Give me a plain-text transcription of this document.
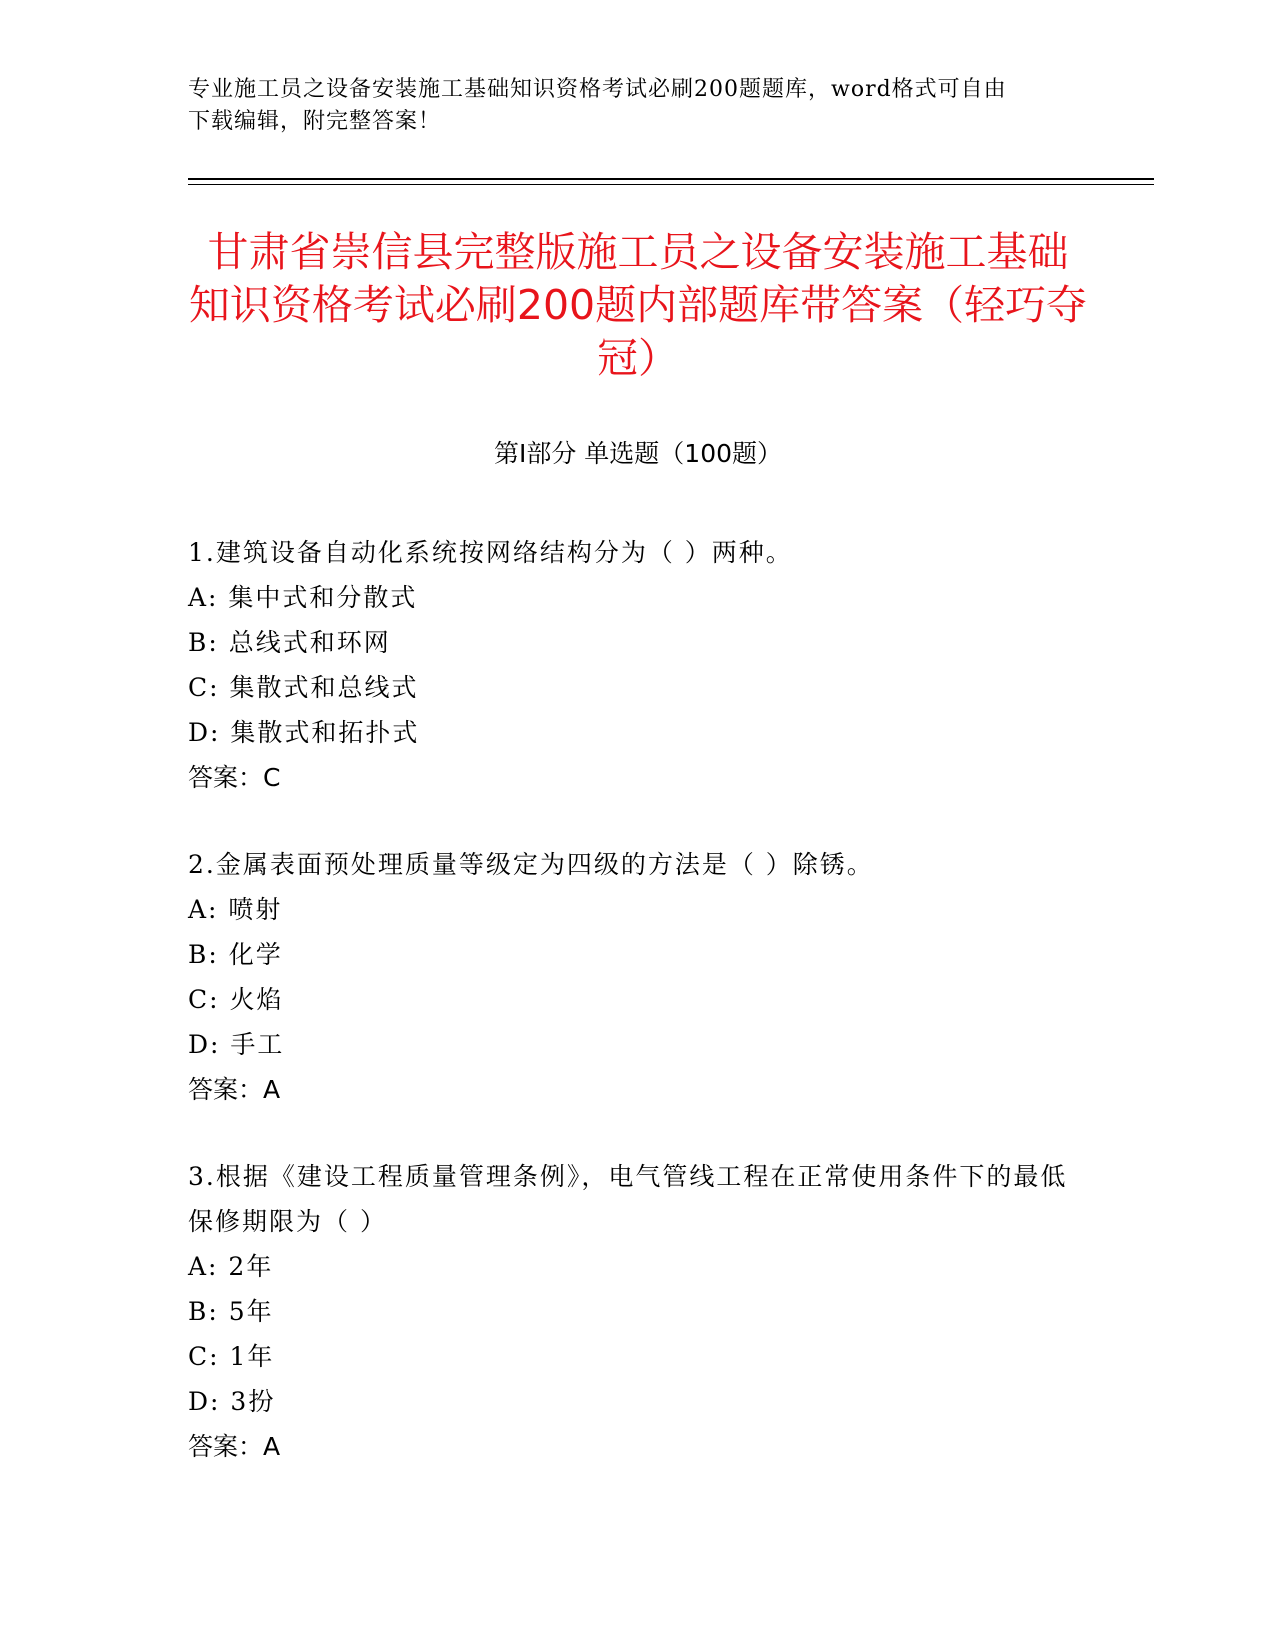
专业施工员之设备安装施工基础知识资格考试必刷200题题库，word格式可自由
下载编辑，附完整答案！
甘肃省崇信县完整版施工员之设备安装施工基础知识资格考试必刷200题内部题库带答案（轻巧夺冠）
第Ⅰ部分 单选题（100题）
1.建筑设备自动化系统按网络结构分为（ ）两种。
A: 集中式和分散式
B: 总线式和环网
C: 集散式和总线式
D: 集散式和拓扑式
答案：C
2.金属表面预处理质量等级定为四级的方法是（ ）除锈。
A: 喷射
B: 化学
C: 火焰
D: 手工
答案：A
3.根据《建设工程质量管理条例》，电气管线工程在正常使用条件下的最低保修期限为（ ）
A: 2年
B: 5年
C: 1年
D: 3扮
答案：A
